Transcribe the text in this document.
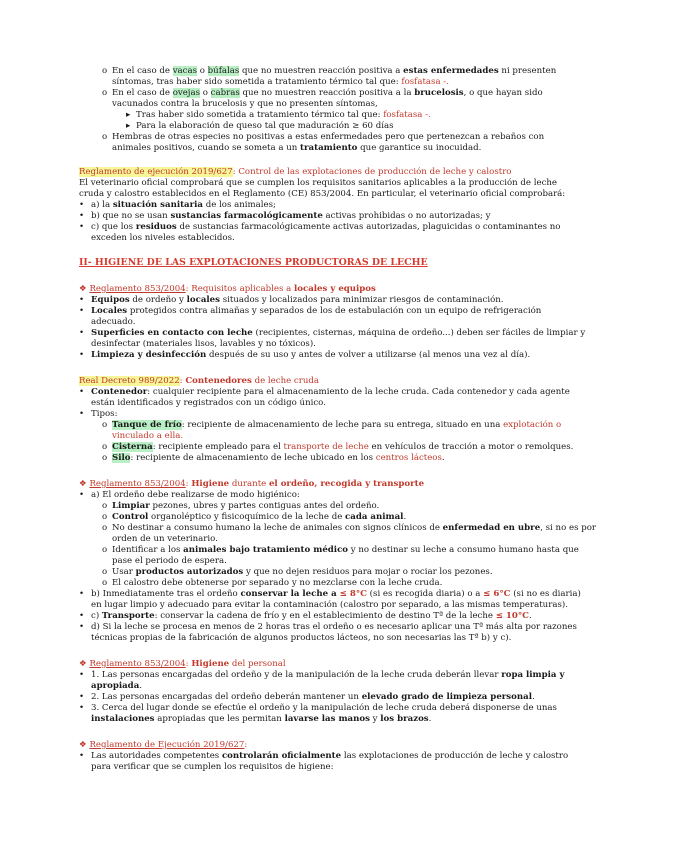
o En el caso de vacas o búfalas que no muestren reacción positiva a estas enfermedades ni presenten
síntomas, tras haber sido sometida a tratamiento térmico tal que: fosfatasa -.
o En el caso de ovejas o cabras que no muestren reacción positiva a la brucelosis, o que hayan sido
vacunados contra la brucelosis y que no presenten síntomas,
▸ Tras haber sido sometida a tratamiento térmico tal que: fosfatasa -.
▸ Para la elaboración de queso tal que maduración ≥ 60 días
o Hembras de otras especies no positivas a estas enfermedades pero que pertenezcan a rebaños con
animales positivos, cuando se someta a un tratamiento que garantice su inocuidad.
Reglamento de ejecución 2019/627: Control de las explotaciones de producción de leche y calostro
El veterinario oficial comprobará que se cumplen los requisitos sanitarios aplicables a la producción de leche
cruda y calostro establecidos en el Reglamento (CE) 853/2004. En particular, el veterinario oficial comprobará:
• a) la situación sanitaria de los animales;
• b) que no se usan sustancias farmacológicamente activas prohibidas o no autorizadas; y
• c) que los residuos de sustancias farmacológicamente activas autorizadas, plaguicidas o contaminantes no
exceden los niveles establecidos.
II- HIGIENE DE LAS EXPLOTACIONES PRODUCTORAS DE LECHE
❖ Reglamento 853/2004: Requisitos aplicables a locales y equipos
• Equipos de ordeño y locales situados y localizados para minimizar riesgos de contaminación.
• Locales protegidos contra alimañas y separados de los de estabulación con un equipo de refrigeración
adecuado.
• Superficies en contacto con leche (recipientes, cisternas, máquina de ordeño...) deben ser fáciles de limpiar y
desinfectar (materiales lisos, lavables y no tóxicos).
• Limpieza y desinfección después de su uso y antes de volver a utilizarse (al menos una vez al día).
Real Decreto 989/2022: Contenedores de leche cruda
• Contenedor: cualquier recipiente para el almacenamiento de la leche cruda. Cada contenedor y cada agente
están identificados y registrados con un código único.
• Tipos:
o Tanque de frío: recipiente de almacenamiento de leche para su entrega, situado en una explotación o
vinculado a ella.
o Cisterna: recipiente empleado para el transporte de leche en vehículos de tracción a motor o remolques.
o Silo: recipiente de almacenamiento de leche ubicado en los centros lácteos.
❖ Reglamento 853/2004: Higiene durante el ordeño, recogida y transporte
• a) El ordeño debe realizarse de modo higiénico:
o Limpiar pezones, ubres y partes contiguas antes del ordeño.
o Control organoléptico y fisicoquímico de la leche de cada animal.
o No destinar a consumo humano la leche de animales con signos clínicos de enfermedad en ubre, si no es por
orden de un veterinario.
o Identificar a los animales bajo tratamiento médico y no destinar su leche a consumo humano hasta que
pase el periodo de espera.
o Usar productos autorizados y que no dejen residuos para mojar o rociar los pezones.
o El calostro debe obtenerse por separado y no mezclarse con la leche cruda.
• b) Inmediatamente tras el ordeño conservar la leche a ≤ 8°C (si es recogida diaria) o a ≤ 6°C (si no es diaria)
en lugar limpio y adecuado para evitar la contaminación (calostro por separado, a las mismas temperaturas).
• c) Transporte: conservar la cadena de frío y en el establecimiento de destino Tª de la leche ≤ 10°C.
• d) Si la leche se procesa en menos de 2 horas tras el ordeño o es necesario aplicar una Tª más alta por razones
técnicas propias de la fabricación de algunos productos lácteos, no son necesarias las Tª b) y c).
❖ Reglamento 853/2004: Higiene del personal
• 1. Las personas encargadas del ordeño y de la manipulación de la leche cruda deberán llevar ropa limpia y
apropiada.
• 2. Las personas encargadas del ordeño deberán mantener un elevado grado de limpieza personal.
• 3. Cerca del lugar donde se efectúe el ordeño y la manipulación de leche cruda deberá disponerse de unas
instalaciones apropiadas que les permitan lavarse las manos y los brazos.
❖ Reglamento de Ejecución 2019/627:
• Las autoridades competentes controlarán oficialmente las explotaciones de producción de leche y calostro
para verificar que se cumplen los requisitos de higiene:
